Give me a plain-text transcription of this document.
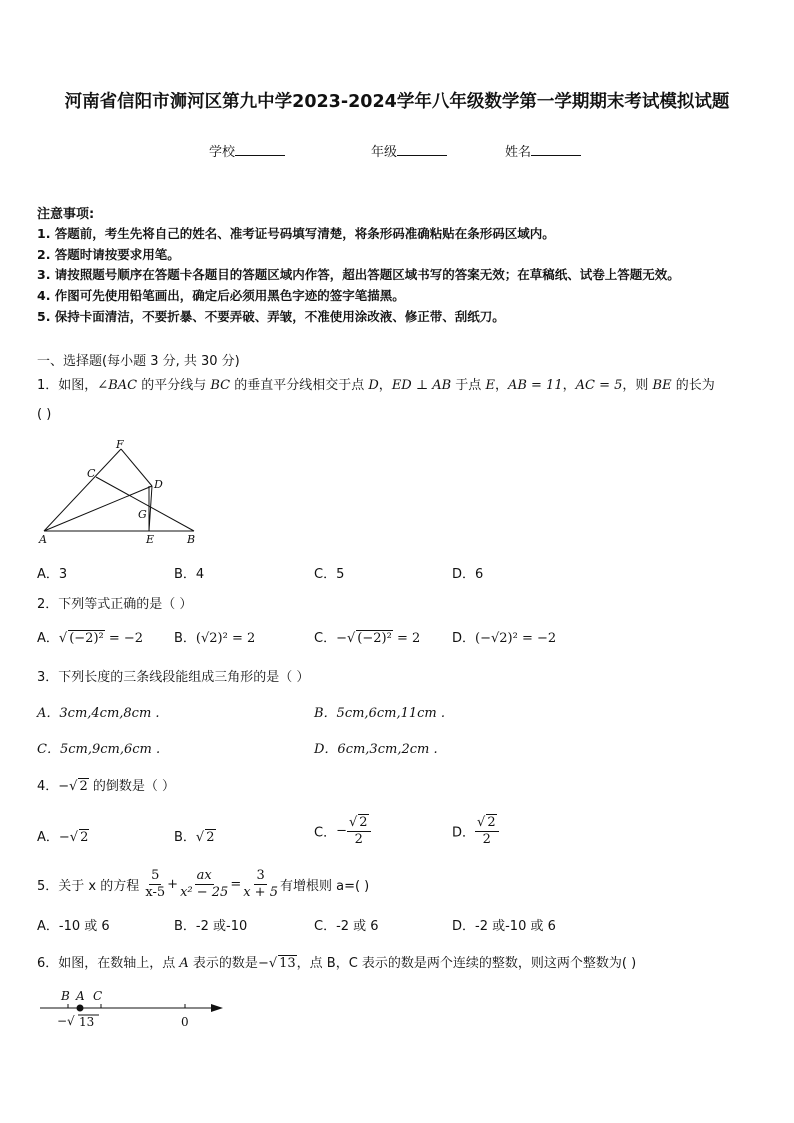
河南省信阳市浉河区第九中学2023-2024学年八年级数学第一学期期末考试模拟试题
学校	年级	姓名
注意事项:
1. 答题前，考生先将自己的姓名、准考证号码填写清楚，将条形码准确粘贴在条形码区域内。
2. 答题时请按要求用笔。
3. 请按照题号顺序在答题卡各题目的答题区域内作答，超出答题区域书写的答案无效；在草稿纸、试卷上答题无效。
4. 作图可先使用铅笔画出，确定后必须用黑色字迹的签字笔描黑。
5. 保持卡面清洁，不要折暴、不要弄破、弄皱，不准使用涂改液、修正带、刮纸刀。
一、选择题(每小题 3 分, 共 30 分)
1．如图，∠BAC 的平分线与 BC 的垂直平分线相交于点 D，ED ⊥ AB 于点 E，AB = 11，AC = 5，则 BE 的长为
( )
F
C
D
G
A	E	B
A．3	B．4	C．5	D．6
2．下列等式正确的是（ ）
A．√ (−2)² = −2 B．(√2)² = 2	C．−√ (−2)² = 2 D．(−√2)² = −2
3．下列长度的三条线段能组成三角形的是（ ）
A．3cm,4cm,8cm .	B．5cm,6cm,11cm .
C．5cm,9cm,6cm .	D．6cm,3cm,2cm .
4．−√ 2 的倒数是（ ）
A．−√ 2	B．√ 2	C．− $\frac{√ 2}{2}$	D． $\frac{√ 2}{2}$
5．关于 x 的方程 $\frac{5}{x-5} + \frac{ax}{\text{x² − 25}} = \frac{3}{x + 5}$ 有增根则 a=( )
A．-10 或 6	B．-2 或-10	C．-2 或 6	D．-2 或-10 或 6
6．如图，在数轴上，点 A 表示的数是−√ 13，点 B，C 表示的数是两个连续的整数，则这两个整数为( )
B A C
−√ 13	0
